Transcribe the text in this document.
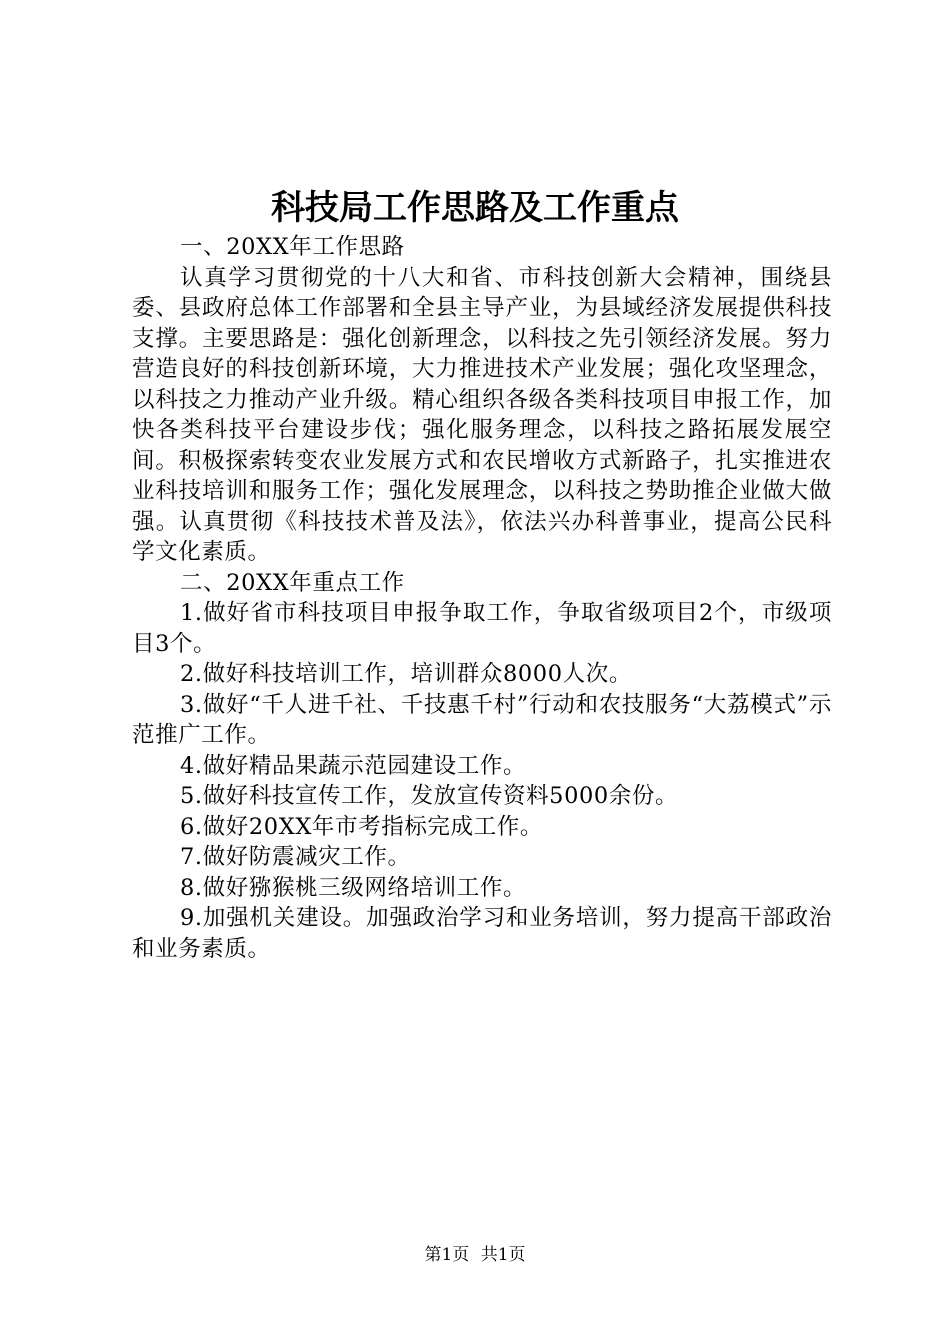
科技局工作思路及工作重点

一、20XX年工作思路

认真学习贯彻党的十八大和省、市科技创新大会精神，围绕县委、县政府总体工作部署和全县主导产业，为县域经济发展提供科技支撑。主要思路是：强化创新理念，以科技之先引领经济发展。努力营造良好的科技创新环境，大力推进技术产业发展；强化攻坚理念，以科技之力推动产业升级。精心组织各级各类科技项目申报工作，加快各类科技平台建设步伐；强化服务理念，以科技之路拓展发展空间。积极探索转变农业发展方式和农民增收方式新路子，扎实推进农业科技培训和服务工作；强化发展理念，以科技之势助推企业做大做强。认真贯彻《科技技术普及法》，依法兴办科普事业，提高公民科学文化素质。

二、20XX年重点工作

1.做好省市科技项目申报争取工作，争取省级项目2个，市级项目3个。

2.做好科技培训工作，培训群众8000人次。

3.做好“千人进千社、千技惠千村”行动和农技服务“大荔模式”示范推广工作。

4.做好精品果蔬示范园建设工作。

5.做好科技宣传工作，发放宣传资料5000余份。

6.做好20XX年市考指标完成工作。

7.做好防震减灾工作。

8.做好猕猴桃三级网络培训工作。

9.加强机关建设。加强政治学习和业务培训，努力提高干部政治和业务素质。

第1页 共1页
